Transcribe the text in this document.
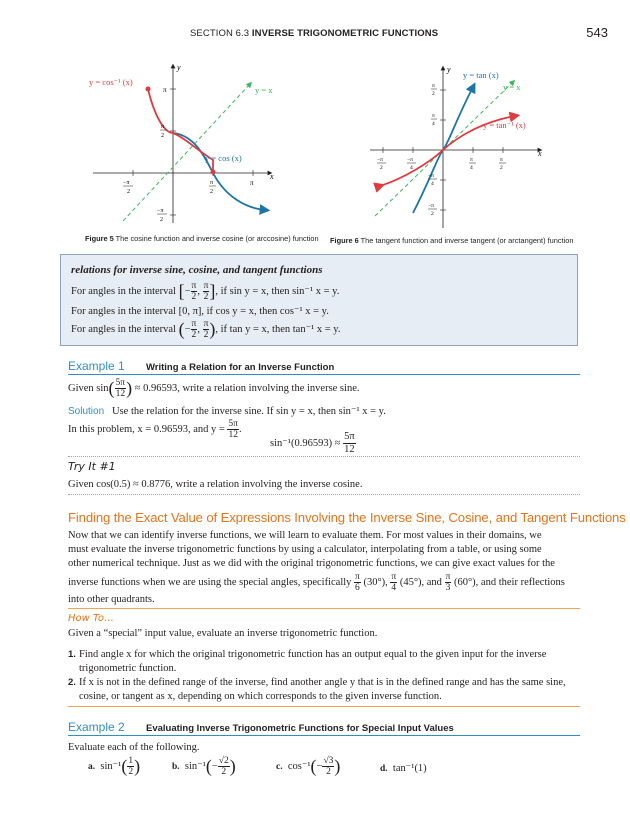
SECTION 6.3 INVERSE TRIGONOMETRIC FUNCTIONS	543
y
x
y = cos⁻¹ (x)
y = x
y = cos (x)
π
π
2
−π
2
π
2
π
−π
2
Figure 5 The cosine function and inverse cosine (or arccosine) function
y
x
y = tan (x)
y = x
y = tan⁻¹ (x)
π
2
π
4
−π
4
−π
2
−π
2
−π
4
π
4
π
2
Figure 6 The tangent function and inverse tangent (or arctangent) function
relations for inverse sine, cosine, and tangent functions
For angles in the interval [− $\frac{\pi}{2}$ , $\frac{\pi}{2}$ ], if sin y = x, then sin⁻¹ x = y.
For angles in the interval [0, π], if cos y = x, then cos⁻¹ x = y.
For angles in the interval (− $\frac{\pi}{2}$ , $\frac{\pi}{2}$ ), if tan y = x, then tan⁻¹ x = y.
Example 1 Writing a Relation for an Inverse Function
Given $\sin( \frac{5\pi}{12}$ ) ≈ 0.96593, write a relation involving the inverse sine.
Solution Use the relation for the inverse sine. If sin y = x, then sin⁻¹ x = y.
In this problem, x = 0.96593, and $y = \frac{5\pi}{12}$ .
$\sin^{-1}(0.96593) \approx \frac{5\pi}{12}$
Try It #1
Given cos(0.5) ≈ 0.8776, write a relation involving the inverse cosine.
Finding the Exact Value of Expressions Involving the Inverse Sine, Cosine, and Tangent Functions
Now that we can identify inverse functions, we will learn to evaluate them. For most values in their domains, we
must evaluate the inverse trigonometric functions by using a calculator, interpolating from a table, or using some
other numerical technique. Just as we did with the original trigonometric functions, we can give exact values for the
inverse functions when we are using the special angles, specifically $\frac{\pi}{6} (30^\circ)$, $\frac{\pi}{4} (45^\circ)$, and $\frac{\pi}{3} (60^\circ)$, and their reflections
into other quadrants.
How To…
Given a “special” input value, evaluate an inverse trigonometric function.
1. Find angle x for which the original trigonometric function has an output equal to the given input for the inverse
trigonometric function.
2. If x is not in the defined range of the inverse, find another angle y that is in the defined range and has the same sine,
cosine, or tangent as x, depending on which corresponds to the given inverse function.
Example 2 Evaluating Inverse Trigonometric Functions for Special Input Values
Evaluate each of the following.
a. $\sin^{-1}( \frac{1}{2}$ )	b. $\sin^{-1}(- \frac{√2}{2}$ )	c. $\cos^{-1}(- \frac{√3}{2}$ )	d. tan⁻¹(1)
